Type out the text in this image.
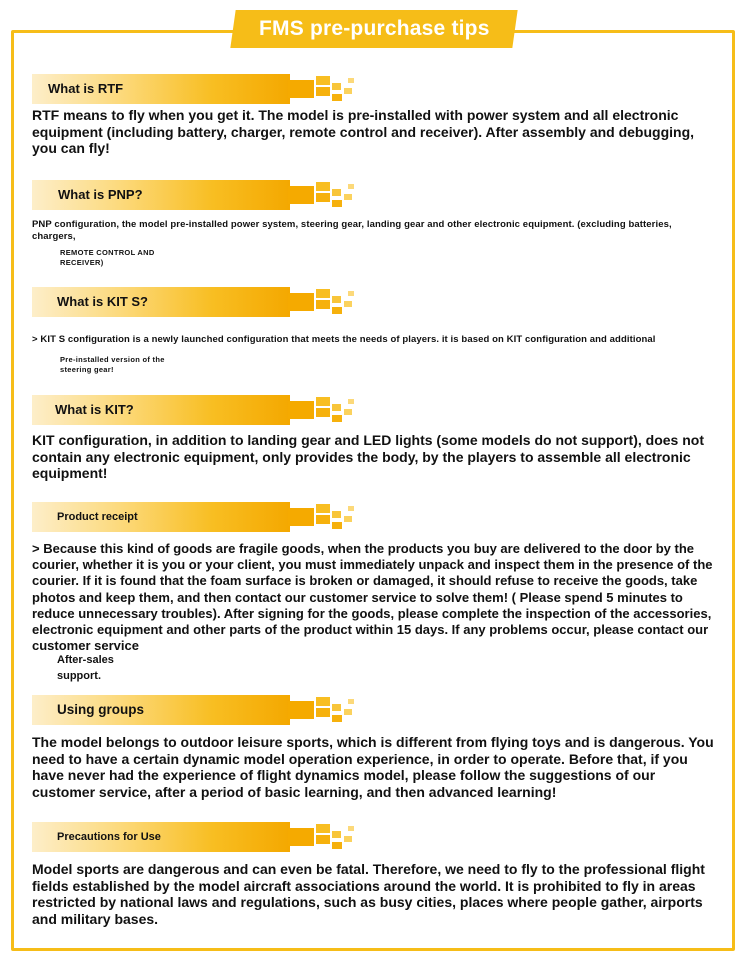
FMS pre-purchase tips
What is RTF
RTF means to fly when you get it. The model is pre-installed with power system and all electronic equipment (including battery, charger, remote control and receiver). After assembly and debugging, you can fly!
What is PNP?
PNP configuration, the model pre-installed power system, steering gear, landing gear and other electronic equipment. (excluding batteries, chargers,
REMOTE CONTROL AND RECEIVER)
What is KIT S?
> KIT S configuration is a newly launched configuration that meets the needs of players. it is based on KIT configuration and additional
Pre-installed version of the steering gear!
What is KIT?
KIT configuration, in addition to landing gear and LED lights (some models do not support), does not contain any electronic equipment, only provides the body, by the players to assemble all electronic equipment!
Product receipt
> Because this kind of goods are fragile goods, when the products you buy are delivered to the door by the courier, whether it is you or your client, you must immediately unpack and inspect them in the presence of the courier. If it is found that the foam surface is broken or damaged, it should refuse to receive the goods, take photos and keep them, and then contact our customer service to solve them! ( Please spend 5 minutes to reduce unnecessary troubles). After signing for the goods, please complete the inspection of the accessories, electronic equipment and other parts of the product within 15 days. If any problems occur, please contact our customer service
After-sales support.
Using groups
The model belongs to outdoor leisure sports, which is different from flying toys and is dangerous. You need to have a certain dynamic model operation experience, in order to operate. Before that, if you have never had the experience of flight dynamics model, please follow the suggestions of our customer service, after a period of basic learning, and then advanced learning!
Precautions for Use
Model sports are dangerous and can even be fatal. Therefore, we need to fly to the professional flight fields established by the model aircraft associations around the world. It is prohibited to fly in areas restricted by national laws and regulations, such as busy cities, places where people gather, airports and military bases.
